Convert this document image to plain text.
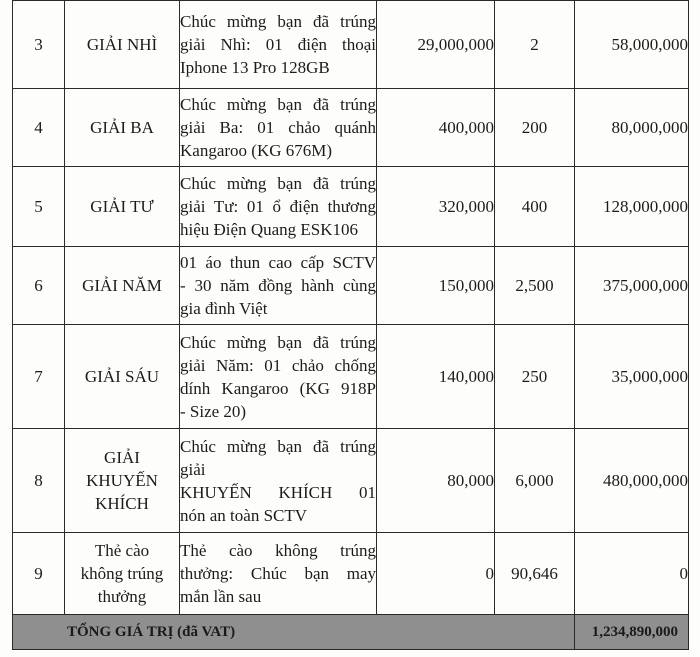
3	GIẢI NHÌ	Chúc mừng bạn đã trúng
giải Nhì: 01 điện thoại
Iphone 13 Pro 128GB	29,000,000	2	58,000,000
4	GIẢI BA	Chúc mừng bạn đã trúng
giải Ba: 01 chảo quánh
Kangaroo (KG 676M)	400,000	200	80,000,000
5	GIẢI TƯ	Chúc mừng bạn đã trúng
giải Tư: 01 ổ điện thương
hiệu Điện Quang ESK106	320,000	400	128,000,000
6	GIẢI NĂM	01 áo thun cao cấp SCTV
- 30 năm đồng hành cùng
gia đình Việt	150,000	2,500	375,000,000
7	GIẢI SÁU	Chúc mừng bạn đã trúng
giải Năm: 01 chảo chống
dính Kangaroo (KG 918P
- Size 20)	140,000	250	35,000,000
8	GIẢI
KHUYẾN
KHÍCH	Chúc mừng bạn đã trúng
giải
KHUYẾN KHÍCH 01
nón an toàn SCTV	80,000	6,000	480,000,000
9	Thẻ cào
không trúng
thưởng	Thẻ cào không trúng
thưởng: Chúc bạn may
mắn lần sau	0	90,646	0
TỔNG GIÁ TRỊ (đã VAT)					1,234,890,000
